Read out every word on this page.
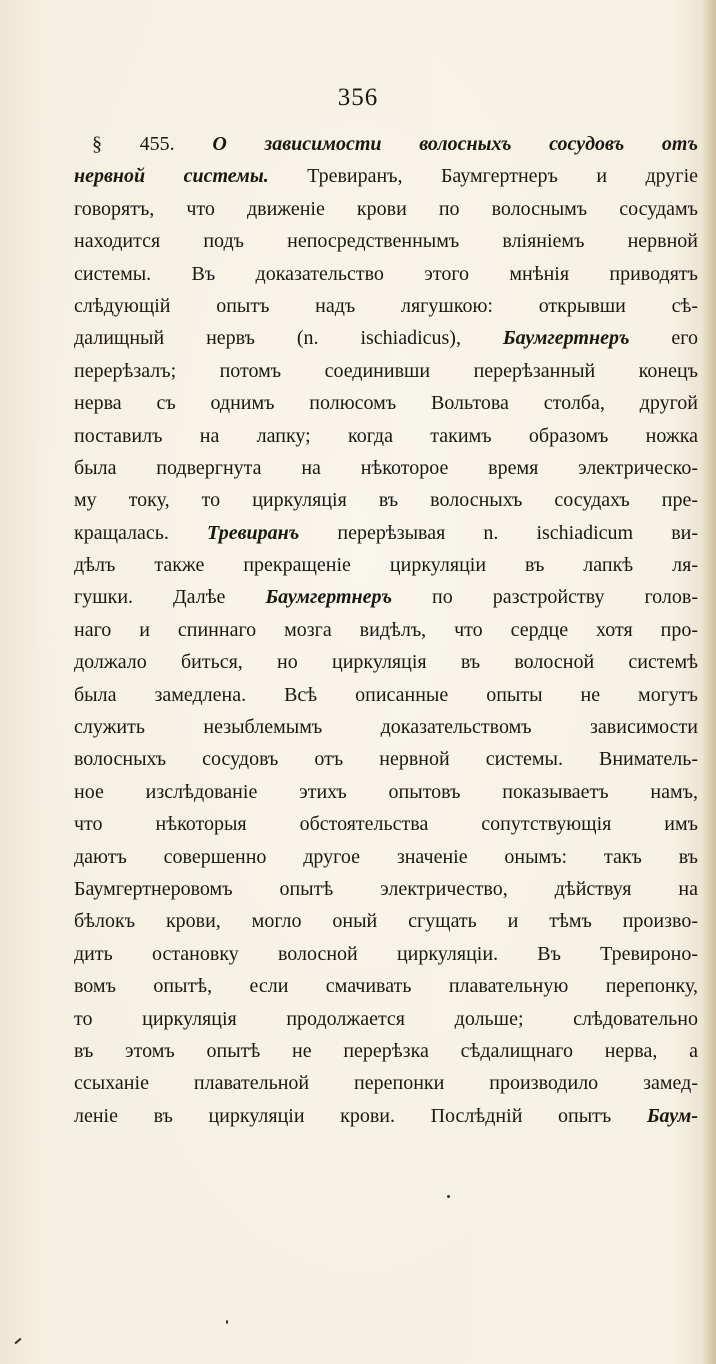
356
§ 455. О зависимости волосныхъ сосудовъ отъ
нервной системы. Тревиранъ, Баумгертнеръ и другіе
говорятъ, что движеніе крови по волоснымъ сосудамъ
находится подъ непосредственнымъ вліяніемъ нервной
системы. Въ доказательство этого мнѣнія приводятъ
слѣдующій опытъ надъ лягушкою: открывши сѣ-
далищный нервъ (n. ischiadicus), Баумгертнеръ его
перерѣзалъ; потомъ соединивши перерѣзанный конецъ
нерва съ однимъ полюсомъ Вольтова столба, другой
поставилъ на лапку; когда такимъ образомъ ножка
была подвергнута на нѣкоторое время электрическо-
му току, то циркуляція въ волосныхъ сосудахъ пре-
кращалась. Тревиранъ перерѣзывая n. ischiadicum ви-
дѣлъ также прекращеніе циркуляціи въ лапкѣ ля-
гушки. Далѣе Баумгертнеръ по разстройству голов-
наго и спиннаго мозга видѣлъ, что сердце хотя про-
должало биться, но циркуляція въ волосной системѣ
была замедлена. Всѣ описанные опыты не могутъ
служить незыблемымъ доказательствомъ зависимости
волосныхъ сосудовъ отъ нервной системы. Вниматель-
ное изслѣдованіе этихъ опытовъ показываетъ намъ,
что нѣкоторыя обстоятельства сопутствующія имъ
даютъ совершенно другое значеніе онымъ: такъ въ
Баумгертнеровомъ опытѣ электричество, дѣйствуя на
бѣлокъ крови, могло оный сгущать и тѣмъ произво-
дить остановку волосной циркуляціи. Въ Тревироно-
вомъ опытѣ, если смачивать плавательную перепонку,
то циркуляція продолжается дольше; слѣдовательно
въ этомъ опытѣ не перерѣзка сѣдалищнаго нерва, а
ссыханіе плавательной перепонки производило замед-
леніе въ циркуляціи крови. Послѣдній опытъ Баум-
